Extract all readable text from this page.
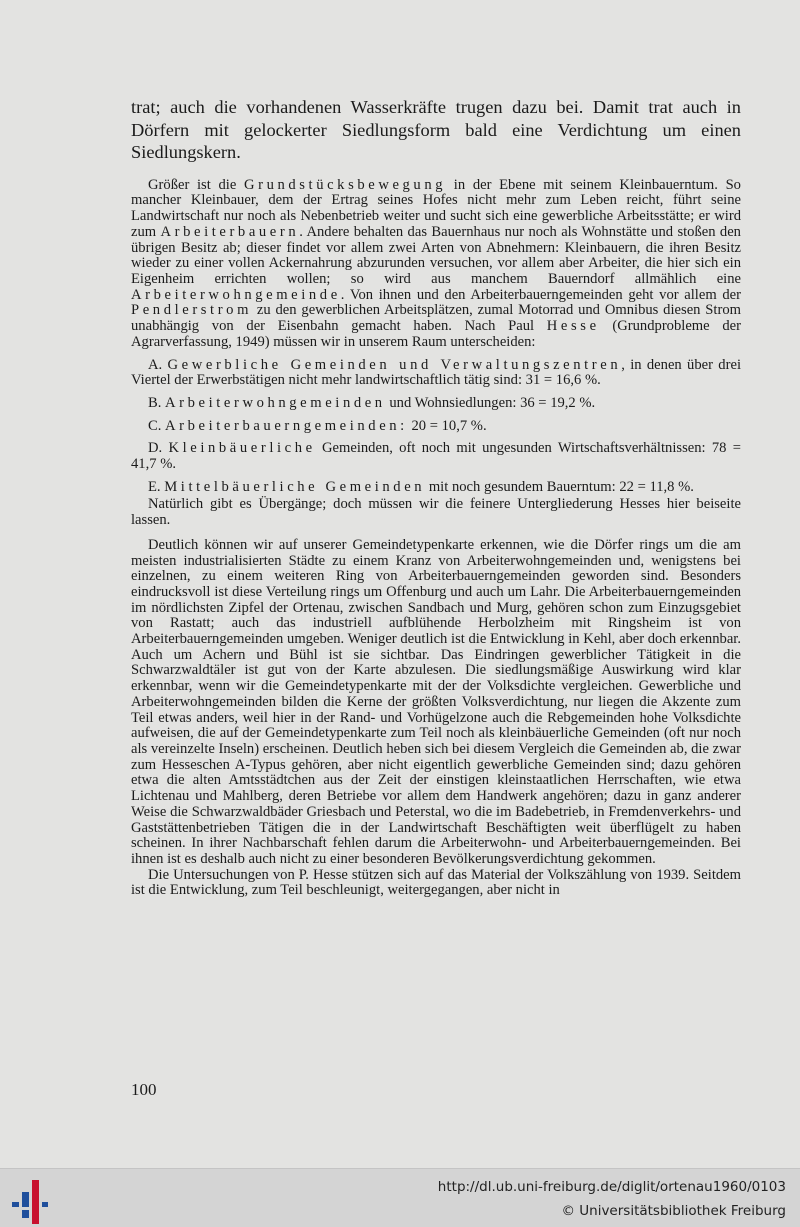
trat; auch die vorhandenen Wasserkräfte trugen dazu bei. Damit trat auch in Dörfern mit gelockerter Siedlungsform bald eine Verdichtung um einen Siedlungskern.

Größer ist die Grundstücksbewegung in der Ebene mit seinem Kleinbauerntum. So mancher Kleinbauer, dem der Ertrag seines Hofes nicht mehr zum Leben reicht, führt seine Landwirtschaft nur noch als Nebenbetrieb weiter und sucht sich eine gewerbliche Arbeitsstätte; er wird zum Arbeiterbauern. Andere behalten das Bauernhaus nur noch als Wohnstätte und stoßen den übrigen Besitz ab; dieser findet vor allem zwei Arten von Abnehmern: Kleinbauern, die ihren Besitz wieder zu einer vollen Ackernahrung abzurunden versuchen, vor allem aber Arbeiter, die hier sich ein Eigenheim errichten wollen; so wird aus manchem Bauerndorf allmählich eine Arbeiterwohngemeinde. Von ihnen und den Arbeiterbauerngemeinden geht vor allem der Pendlerstrom zu den gewerblichen Arbeitsplätzen, zumal Motorrad und Omnibus diesen Strom unabhängig von der Eisenbahn gemacht haben. Nach Paul Hesse (Grundprobleme der Agrarverfassung, 1949) müssen wir in unserem Raum unterscheiden:

A. Gewerbliche Gemeinden und Verwaltungszentren, in denen über drei Viertel der Erwerbstätigen nicht mehr landwirtschaftlich tätig sind: 31 = 16,6 %.

B. Arbeiterwohngemeinden und Wohnsiedlungen: 36 = 19,2 %.

C. Arbeiterbauerngemeinden: 20 = 10,7 %.

D. Kleinbäuerliche Gemeinden, oft noch mit ungesunden Wirtschaftsverhältnissen: 78 = 41,7 %.

E. Mittelbäuerliche Gemeinden mit noch gesundem Bauerntum: 22 = 11,8 %.

Natürlich gibt es Übergänge; doch müssen wir die feinere Untergliederung Hesses hier beiseite lassen.

Deutlich können wir auf unserer Gemeindetypenkarte erkennen, wie die Dörfer rings um die am meisten industrialisierten Städte zu einem Kranz von Arbeiterwohngemeinden und, wenigstens bei einzelnen, zu einem weiteren Ring von Arbeiterbauerngemeinden geworden sind. Besonders eindrucksvoll ist diese Verteilung rings um Offenburg und auch um Lahr. Die Arbeiterbauerngemeinden im nördlichsten Zipfel der Ortenau, zwischen Sandbach und Murg, gehören schon zum Einzugsgebiet von Rastatt; auch das industriell aufblühende Herbolzheim mit Ringsheim ist von Arbeiterbauerngemeinden umgeben. Weniger deutlich ist die Entwicklung in Kehl, aber doch erkennbar. Auch um Achern und Bühl ist sie sichtbar. Das Eindringen gewerblicher Tätigkeit in die Schwarzwaldtäler ist gut von der Karte abzulesen. Die siedlungsmäßige Auswirkung wird klar erkennbar, wenn wir die Gemeindetypenkarte mit der der Volksdichte vergleichen. Gewerbliche und Arbeiterwohngemeinden bilden die Kerne der größten Volksverdichtung, nur liegen die Akzente zum Teil etwas anders, weil hier in der Rand- und Vorhügelzone auch die Rebgemeinden hohe Volksdichte aufweisen, die auf der Gemeindetypenkarte zum Teil noch als kleinbäuerliche Gemeinden (oft nur noch als vereinzelte Inseln) erscheinen. Deutlich heben sich bei diesem Vergleich die Gemeinden ab, die zwar zum Hesseschen A-Typus gehören, aber nicht eigentlich gewerbliche Gemeinden sind; dazu gehören etwa die alten Amtsstädtchen aus der Zeit der einstigen kleinstaatlichen Herrschaften, wie etwa Lichtenau und Mahlberg, deren Betriebe vor allem dem Handwerk angehören; dazu in ganz anderer Weise die Schwarzwaldbäder Griesbach und Peterstal, wo die im Badebetrieb, in Fremdenverkehrs- und Gaststättenbetrieben Tätigen die in der Landwirtschaft Beschäftigten weit überflügelt zu haben scheinen. In ihrer Nachbarschaft fehlen darum die Arbeiterwohn- und Arbeiterbauerngemeinden. Bei ihnen ist es deshalb auch nicht zu einer besonderen Bevölkerungsverdichtung gekommen.

Die Untersuchungen von P. Hesse stützen sich auf das Material der Volkszählung von 1939. Seitdem ist die Entwicklung, zum Teil beschleunigt, weitergegangen, aber nicht in

100
http://dl.ub.uni-freiburg.de/diglit/ortenau1960/0103
© Universitätsbibliothek Freiburg
